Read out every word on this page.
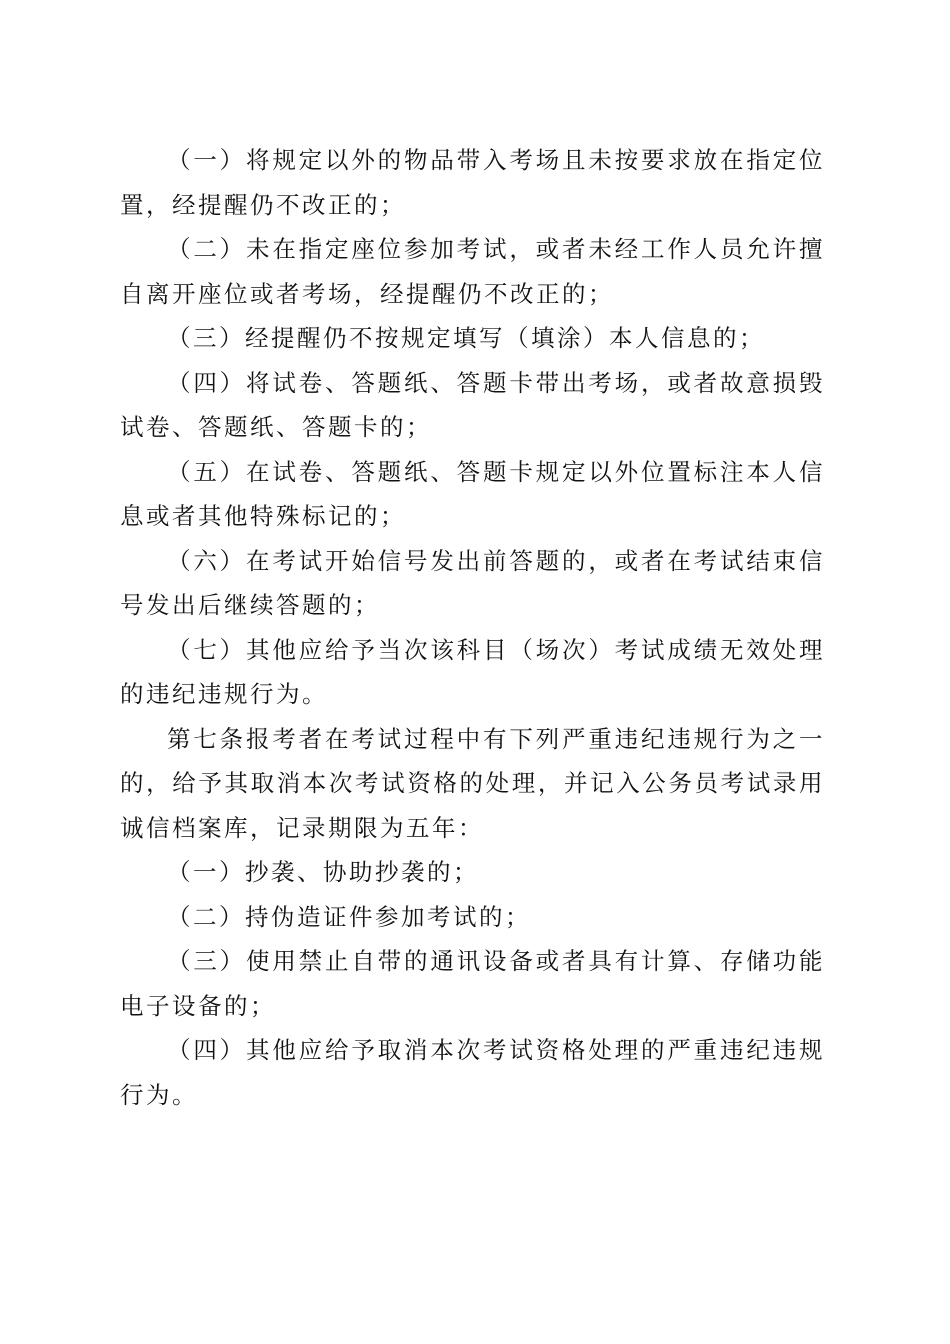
（一）将规定以外的物品带入考场且未按要求放在指定位置，经提醒仍不改正的；

（二）未在指定座位参加考试，或者未经工作人员允许擅自离开座位或者考场，经提醒仍不改正的；

（三）经提醒仍不按规定填写（填涂）本人信息的；

（四）将试卷、答题纸、答题卡带出考场，或者故意损毁试卷、答题纸、答题卡的；

（五）在试卷、答题纸、答题卡规定以外位置标注本人信息或者其他特殊标记的；

（六）在考试开始信号发出前答题的，或者在考试结束信号发出后继续答题的；

（七）其他应给予当次该科目（场次）考试成绩无效处理的违纪违规行为。

第七条报考者在考试过程中有下列严重违纪违规行为之一的，给予其取消本次考试资格的处理，并记入公务员考试录用诚信档案库，记录期限为五年：

（一）抄袭、协助抄袭的；

（二）持伪造证件参加考试的；

（三）使用禁止自带的通讯设备或者具有计算、存储功能电子设备的；

（四）其他应给予取消本次考试资格处理的严重违纪违规行为。
